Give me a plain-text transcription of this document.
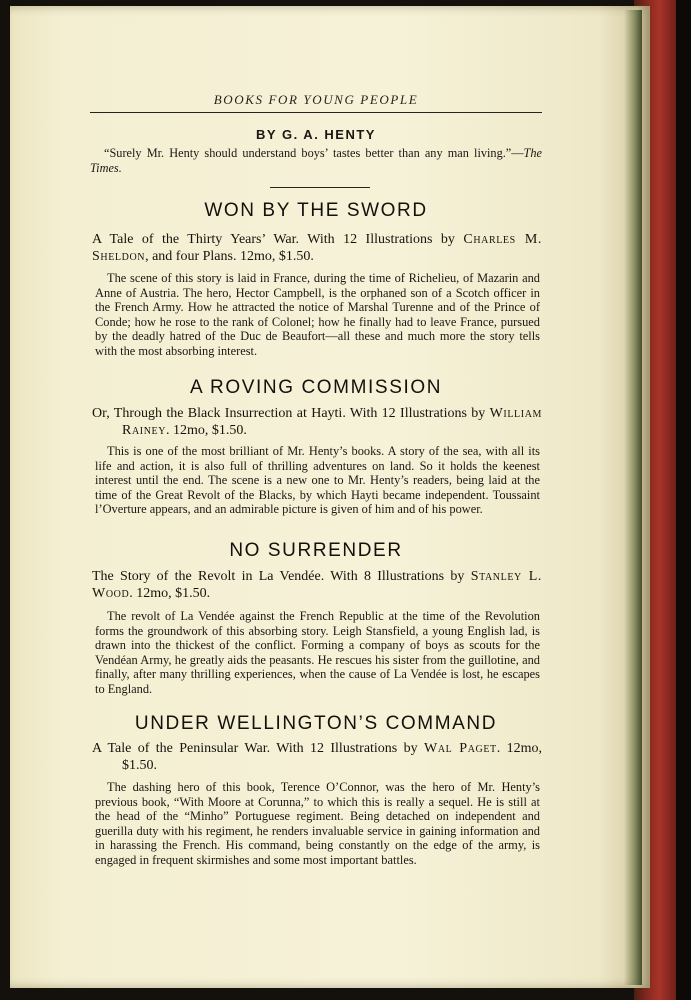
BOOKS FOR YOUNG PEOPLE
BY G. A. HENTY
“Surely Mr. Henty should understand boys’ tastes better than any man living.”—The Times.
WON BY THE SWORD
A Tale of the Thirty Years’ War. With 12 Illustrations by Charles M. Sheldon, and four Plans. 12mo, $1.50.
The scene of this story is laid in France, during the time of Richelieu, of Mazarin and Anne of Austria. The hero, Hector Campbell, is the orphaned son of a Scotch officer in the French Army. How he attracted the notice of Marshal Turenne and of the Prince of Conde; how he rose to the rank of Colonel; how he finally had to leave France, pursued by the deadly hatred of the Duc de Beaufort—all these and much more the story tells with the most absorbing interest.
A ROVING COMMISSION
Or, Through the Black Insurrection at Hayti. With 12 Illustrations by William Rainey. 12mo, $1.50.
This is one of the most brilliant of Mr. Henty’s books. A story of the sea, with all its life and action, it is also full of thrilling adventures on land. So it holds the keenest interest until the end. The scene is a new one to Mr. Henty’s readers, being laid at the time of the Great Revolt of the Blacks, by which Hayti became independent. Toussaint l’Overture appears, and an admirable picture is given of him and of his power.
NO SURRENDER
The Story of the Revolt in La Vendée. With 8 Illustrations by Stanley L. Wood. 12mo, $1.50.
The revolt of La Vendée against the French Republic at the time of the Revolution forms the groundwork of this absorbing story. Leigh Stansfield, a young English lad, is drawn into the thickest of the conflict. Forming a company of boys as scouts for the Vendéan Army, he greatly aids the peasants. He rescues his sister from the guillotine, and finally, after many thrilling experiences, when the cause of La Vendée is lost, he escapes to England.
UNDER WELLINGTON’S COMMAND
A Tale of the Peninsular War. With 12 Illustrations by Wal Paget. 12mo, $1.50.
The dashing hero of this book, Terence O’Connor, was the hero of Mr. Henty’s previous book, “With Moore at Corunna,” to which this is really a sequel. He is still at the head of the “Minho” Portuguese regiment. Being detached on independent and guerilla duty with his regiment, he renders invaluable service in gaining information and in harassing the French. His command, being constantly on the edge of the army, is engaged in frequent skirmishes and some most important battles.
